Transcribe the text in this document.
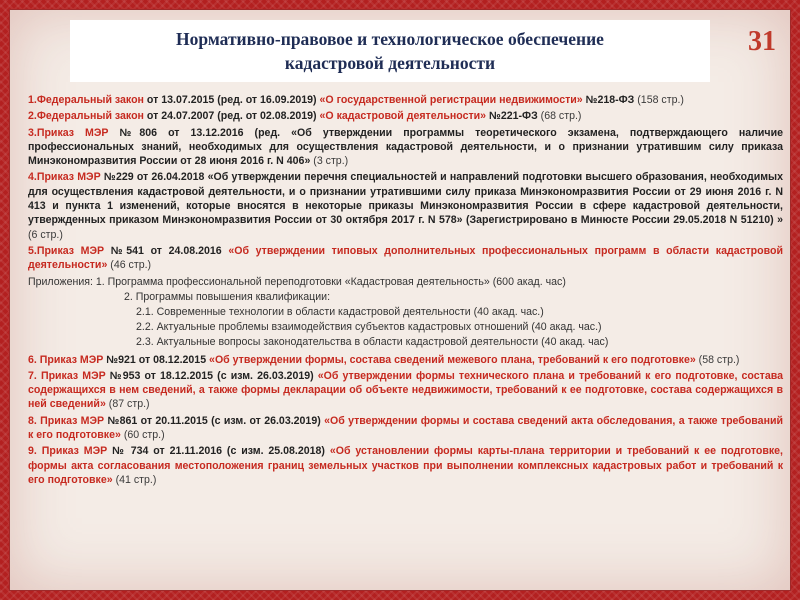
Нормативно-правовое и технологическое обеспечение
кадастровой деятельности
31
1.Федеральный закон от 13.07.2015 (ред. от 16.09.2019) «О государственной регистрации недвижимости» №218-ФЗ (158 стр.)
2.Федеральный закон от 24.07.2007 (ред. от 02.08.2019) «О кадастровой деятельности» №221-ФЗ (68 стр.)
3.Приказ МЭР №806 от 13.12.2016 (ред. «Об утверждении программы теоретического экзамена, подтверждающего наличие профессиональных знаний, необходимых для осуществления кадастровой деятельности, и о признании утратившим силу приказа Минэкономразвития России от 28 июня 2016 г. N 406» (3 стр.)
4.Приказ МЭР №229 от 26.04.2018 «Об утверждении перечня специальностей и направлений подготовки высшего образования, необходимых для осуществления кадастровой деятельности, и о признании утратившими силу приказа Минэкономразвития России от 29 июня 2016 г. N 413 и пункта 1 изменений, которые вносятся в некоторые приказы Минэкономразвития России в сфере кадастровой деятельности, утвержденных приказом Минэкономразвития России от 30 октября 2017 г. N 578» (Зарегистрировано в Минюсте России 29.05.2018 N 51210) » (6 стр.)
5.Приказ МЭР №541 от 24.08.2016 «Об утверждении типовых дополнительных профессиональных программ в области кадастровой деятельности» (46 стр.)
Приложения: 1. Программа профессиональной переподготовки «Кадастровая деятельность» (600 акад. час)
2. Программы повышения квалификации:
2.1. Современные технологии в области кадастровой деятельности (40 акад. час.)
2.2. Актуальные проблемы взаимодействия субъектов кадастровых отношений (40 акад. час.)
2.3. Актуальные вопросы законодательства в области кадастровой деятельности (40 акад. час)
6. Приказ МЭР №921 от 08.12.2015 «Об утверждении формы, состава сведений межевого плана, требований к его подготовке» (58 стр.)
7. Приказ МЭР №953 от 18.12.2015 (с изм. 26.03.2019) «Об утверждении формы технического плана и требований к его подготовке, состава содержащихся в нем сведений, а также формы декларации об объекте недвижимости, требований к ее подготовке, состава содержащихся в ней сведений» (87 стр.)
8. Приказ МЭР №861 от 20.11.2015 (с изм. от 26.03.2019) «Об утверждении формы и состава сведений акта обследования, а также требований к его подготовке» (60 стр.)
9. Приказ МЭР № 734 от 21.11.2016 (с изм. 25.08.2018) «Об установлении формы карты-плана территории и требований к ее подготовке, формы акта согласования местоположения границ земельных участков при выполнении комплексных кадастровых работ и требований к его подготовке» (41 стр.)
